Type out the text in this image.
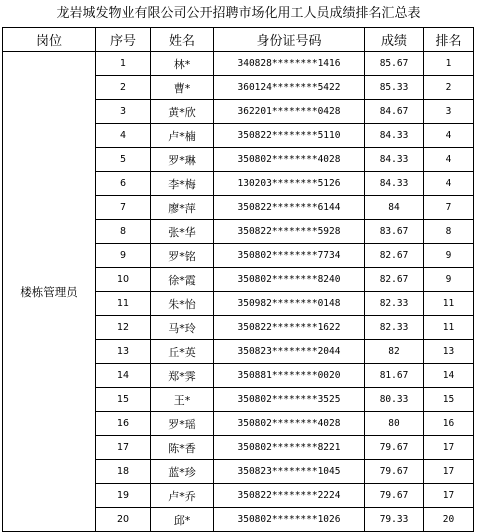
龙岩城发物业有限公司公开招聘市场化用工人员成绩排名汇总表
岗位	序号	姓名	身份证号码	成绩	排名
楼栋管理员	1	林*	340828********1416	85.67	1
	2	曹*	360124********5422	85.33	2
	3	黄*欣	362201********0428	84.67	3
	4	卢*楠	350822********5110	84.33	4
	5	罗*琳	350802********4028	84.33	4
	6	李*梅	130203********5126	84.33	4
	7	廖*萍	350822********6144	84	7
	8	张*华	350822********5928	83.67	8
	9	罗*铭	350802********7734	82.67	9
	10	徐*霞	350802********8240	82.67	9
	11	朱*怡	350982********0148	82.33	11
	12	马*玲	350822********1622	82.33	11
	13	丘*英	350823********2044	82	13
	14	郑*霁	350881********0020	81.67	14
	15	王*	350802********3525	80.33	15
	16	罗*瑶	350802********4028	80	16
	17	陈*香	350802********8221	79.67	17
	18	蓝*珍	350823********1045	79.67	17
	19	卢*乔	350822********2224	79.67	17
	20	邱*	350802********1026	79.33	20
